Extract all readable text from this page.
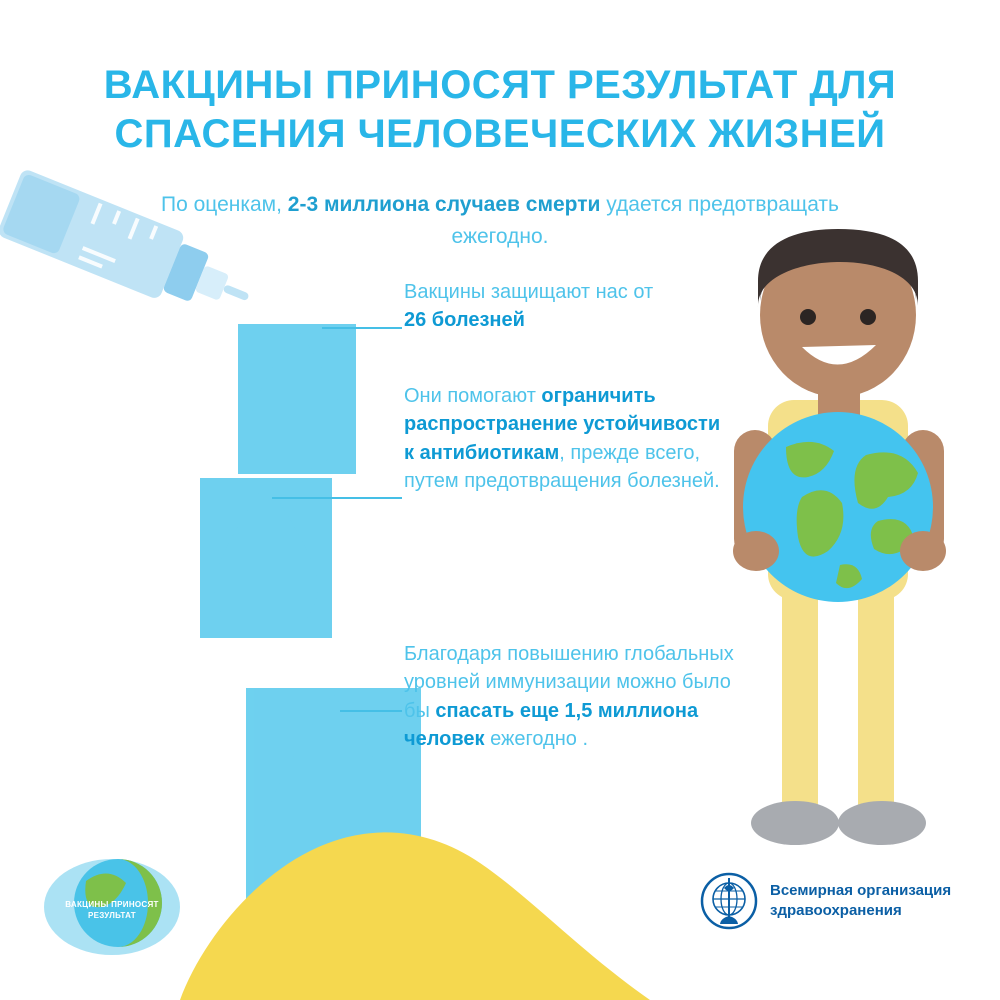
ВАКЦИНЫ ПРИНОСЯТ РЕЗУЛЬТАТ ДЛЯ
СПАСЕНИЯ ЧЕЛОВЕЧЕСКИХ ЖИЗНЕЙ

По оценкам, 2-3 миллиона случаев смерти удается предотвращать ежегодно.

Вакцины защищают нас от 26 болезней
Они помогают ограничить распространение устойчивости к антибиотикам, прежде всего, путем предотвращения болезней.
Благодаря повышению глобальных уровней иммунизации можно было бы спасать еще 1,5 миллиона человек ежегодно .
ВАКЦИНЫ ПРИНОСЯТ РЕЗУЛЬТАТ
Всемирная организация
здравоохранения
